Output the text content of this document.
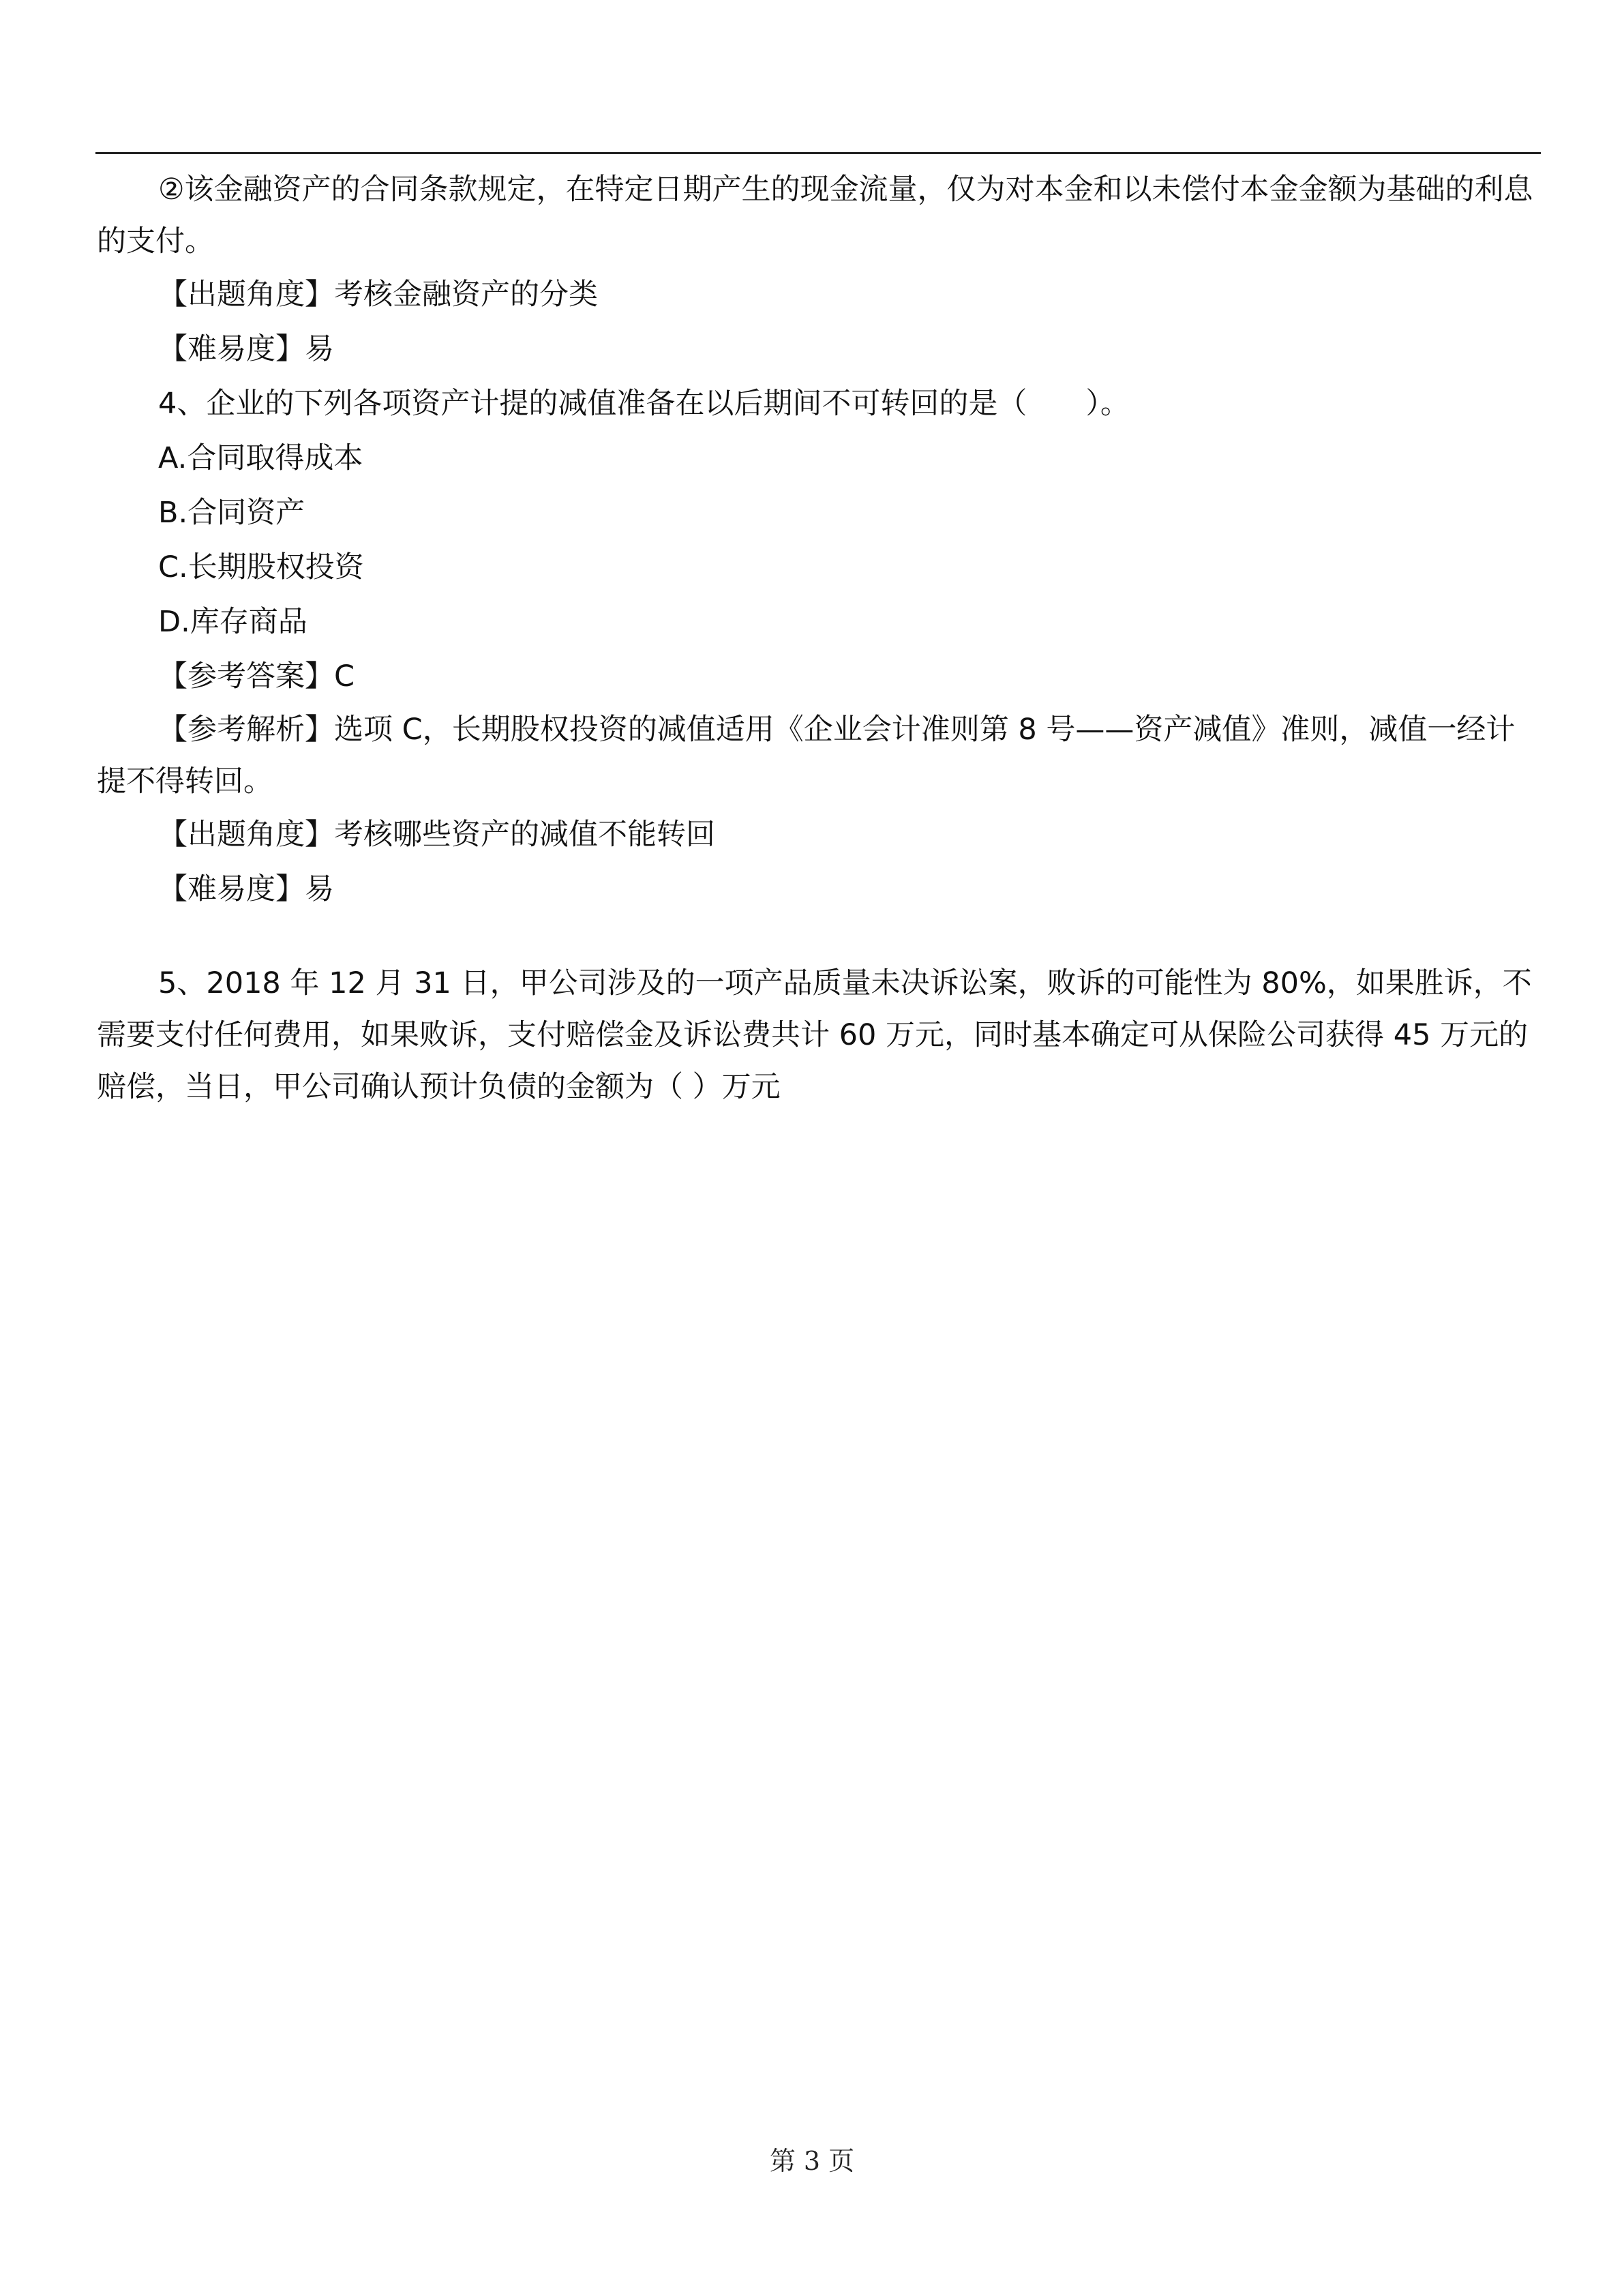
②该金融资产的合同条款规定，在特定日期产生的现金流量，仅为对本金和以未偿付本金金额为基础的利息的支付。

【出题角度】考核金融资产的分类

【难易度】易

4、企业的下列各项资产计提的减值准备在以后期间不可转回的是（　　）。

A.合同取得成本

B.合同资产

C.长期股权投资

D.库存商品

【参考答案】C

【参考解析】选项 C，长期股权投资的减值适用《企业会计准则第 8 号——资产减值》准则，减值一经计提不得转回。

【出题角度】考核哪些资产的减值不能转回

【难易度】易

5、2018 年 12 月 31 日，甲公司涉及的一项产品质量未决诉讼案，败诉的可能性为 80%，如果胜诉，不需要支付任何费用，如果败诉，支付赔偿金及诉讼费共计 60 万元，同时基本确定可从保险公司获得 45 万元的赔偿，当日，甲公司确认预计负债的金额为（ ）万元

第 3 页
